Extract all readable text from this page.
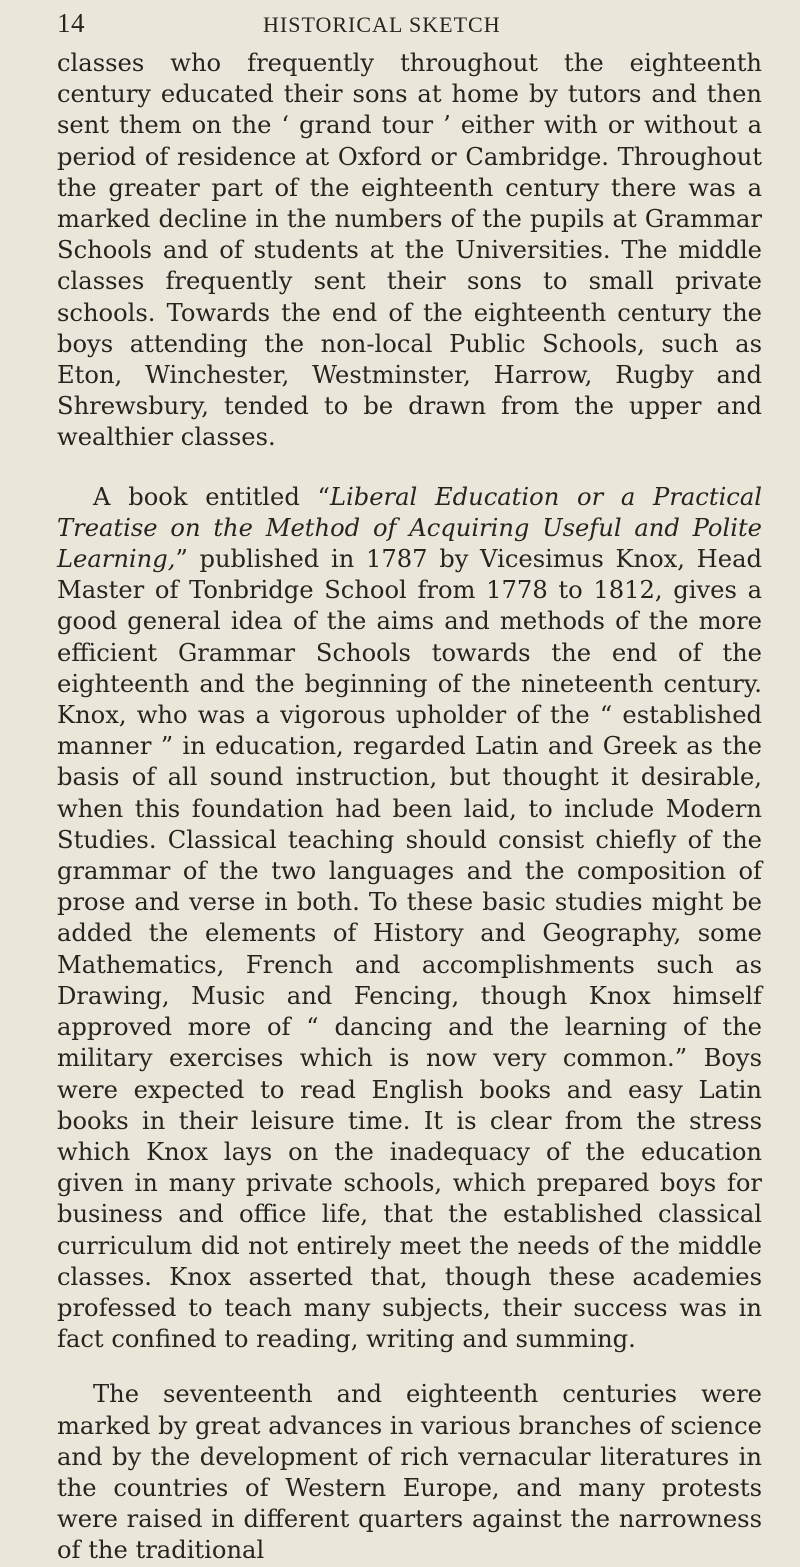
14	HISTORICAL SKETCH

classes who frequently throughout the eighteenth century educated their sons at home by tutors and then sent them on the ‘ grand tour ’ either with or without a period of residence at Oxford or Cambridge. Throughout the greater part of the eighteenth century there was a marked decline in the numbers of the pupils at Grammar Schools and of students at the Universities. The middle classes frequently sent their sons to small private schools. Towards the end of the eighteenth century the boys attending the non-local Public Schools, such as Eton, Winchester, Westminster, Harrow, Rugby and Shrewsbury, tended to be drawn from the upper and wealthier classes.

A book entitled “Liberal Education or a Practical Treatise on the Method of Acquiring Useful and Polite Learning,” published in 1787 by Vicesimus Knox, Head Master of Tonbridge School from 1778 to 1812, gives a good general idea of the aims and methods of the more efficient Grammar Schools towards the end of the eighteenth and the beginning of the nineteenth century. Knox, who was a vigorous upholder of the “ established manner ” in education, regarded Latin and Greek as the basis of all sound instruction, but thought it desirable, when this foundation had been laid, to include Modern Studies. Classical teaching should consist chiefly of the grammar of the two languages and the composition of prose and verse in both. To these basic studies might be added the elements of History and Geography, some Mathematics, French and accomplishments such as Drawing, Music and Fencing, though Knox himself approved more of “ dancing and the learning of the military exercises which is now very common.” Boys were expected to read English books and easy Latin books in their leisure time. It is clear from the stress which Knox lays on the inadequacy of the education given in many private schools, which prepared boys for business and office life, that the established classical curriculum did not entirely meet the needs of the middle classes. Knox asserted that, though these academies professed to teach many subjects, their success was in fact confined to reading, writing and summing.

The seventeenth and eighteenth centuries were marked by great advances in various branches of science and by the development of rich vernacular literatures in the countries of Western Europe, and many protests were raised in different quarters against the narrowness of the traditional
